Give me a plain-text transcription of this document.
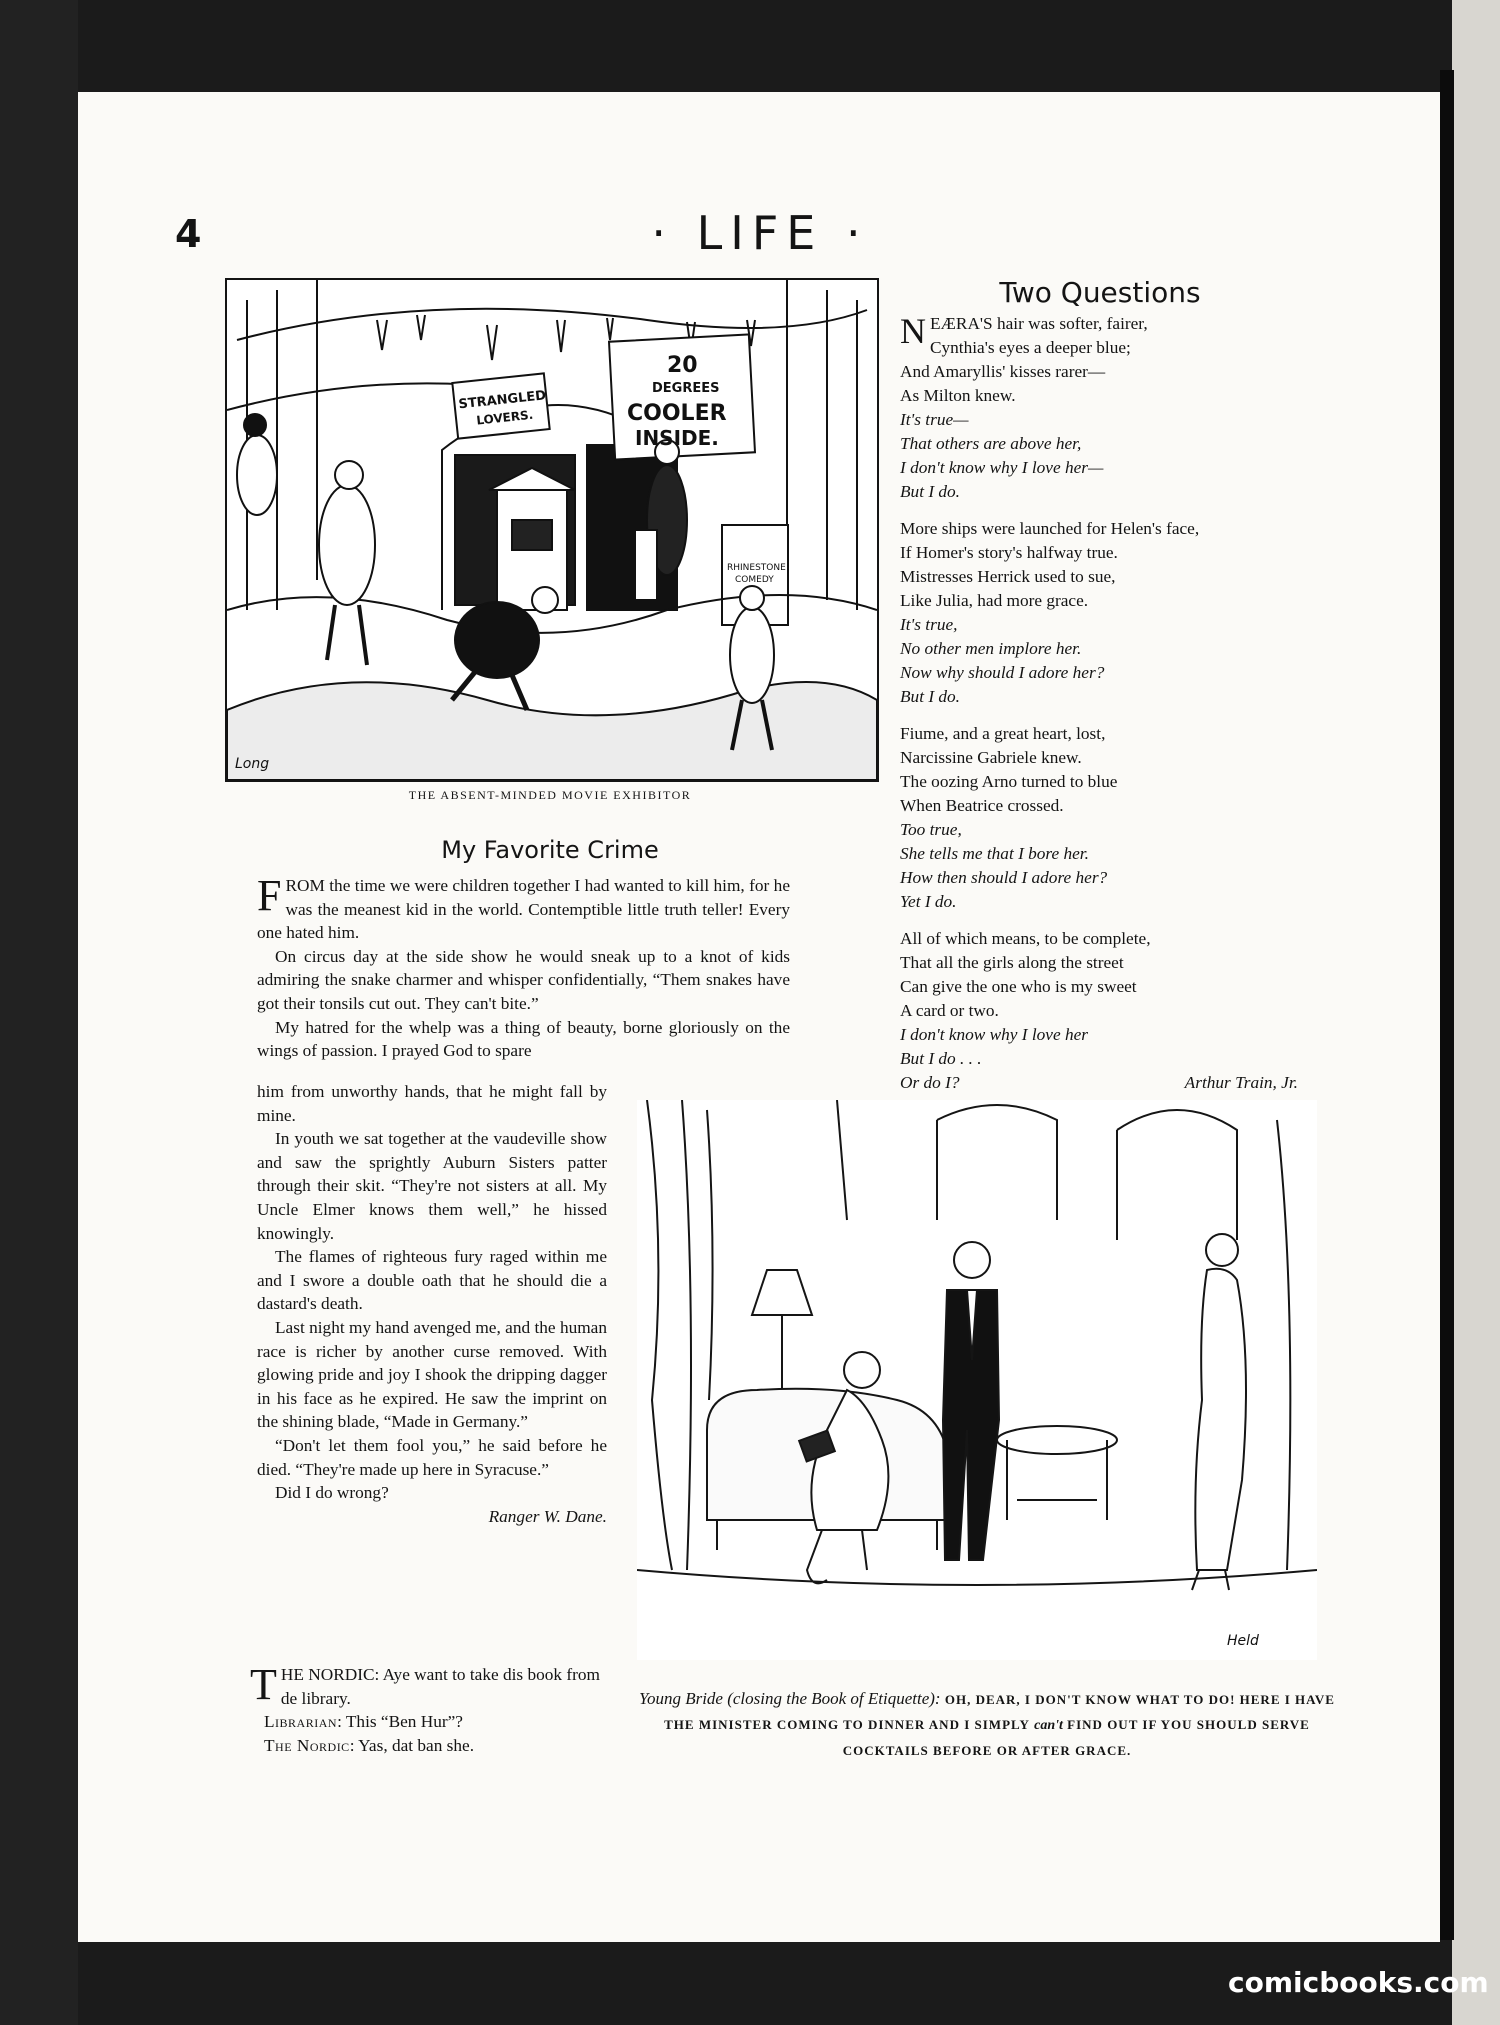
4	· LIFE ·
STRANGLED
LOVERS.
20
DEGREES
COOLER
INSIDE.
RHINESTONE
COMEDY
Long
THE ABSENT-MINDED MOVIE EXHIBITOR
My Favorite Crime

FROM the time we were children together I had wanted to kill him, for he was the meanest kid in the world. Contemptible little truth teller! Every one hated him.

On circus day at the side show he would sneak up to a knot of kids admiring the snake charmer and whisper confidentially, “Them snakes have got their tonsils cut out. They can't bite.”

My hatred for the whelp was a thing of beauty, borne gloriously on the wings of passion. I prayed God to spare

him from unworthy hands, that he might fall by mine.

In youth we sat together at the vaudeville show and saw the sprightly Auburn Sisters patter through their skit. “They're not sisters at all. My Uncle Elmer knows them well,” he hissed knowingly.

The flames of righteous fury raged within me and I swore a double oath that he should die a dastard's death.

Last night my hand avenged me, and the human race is richer by another curse removed. With glowing pride and joy I shook the dripping dagger in his face as he expired. He saw the imprint on the shining blade, “Made in Germany.”

“Don't let them fool you,” he said before he died. “They're made up here in Syracuse.”

Did I do wrong?

Ranger W. Dane.

THE NORDIC: Aye want to take dis book from de library.

Librarian: This “Ben Hur”?

The Nordic: Yas, dat ban she.

Two Questions
NEÆRA'S hair was softer, fairer,
Cynthia's eyes a deeper blue;
And Amaryllis' kisses rarer—
As Milton knew.
It's true—
That others are above her,
I don't know why I love her—
But I do.
More ships were launched for Helen's face,
If Homer's story's halfway true.
Mistresses Herrick used to sue,
Like Julia, had more grace.
It's true,
No other men implore her.
Now why should I adore her?
But I do.
Fiume, and a great heart, lost,
Narcissine Gabriele knew.
The oozing Arno turned to blue
When Beatrice crossed.
Too true,
She tells me that I bore her.
How then should I adore her?
Yet I do.
All of which means, to be complete,
That all the girls along the street
Can give the one who is my sweet
A card or two.
I don't know why I love her
But I do . . .
Or do I?	Arthur Train, Jr.
Held
Young Bride (closing the Book of Etiquette): OH, DEAR, I DON'T KNOW WHAT TO DO! HERE I HAVE THE MINISTER COMING TO DINNER AND I SIMPLY can't FIND OUT IF YOU SHOULD SERVE COCKTAILS BEFORE OR AFTER GRACE.
comicbooks.com
